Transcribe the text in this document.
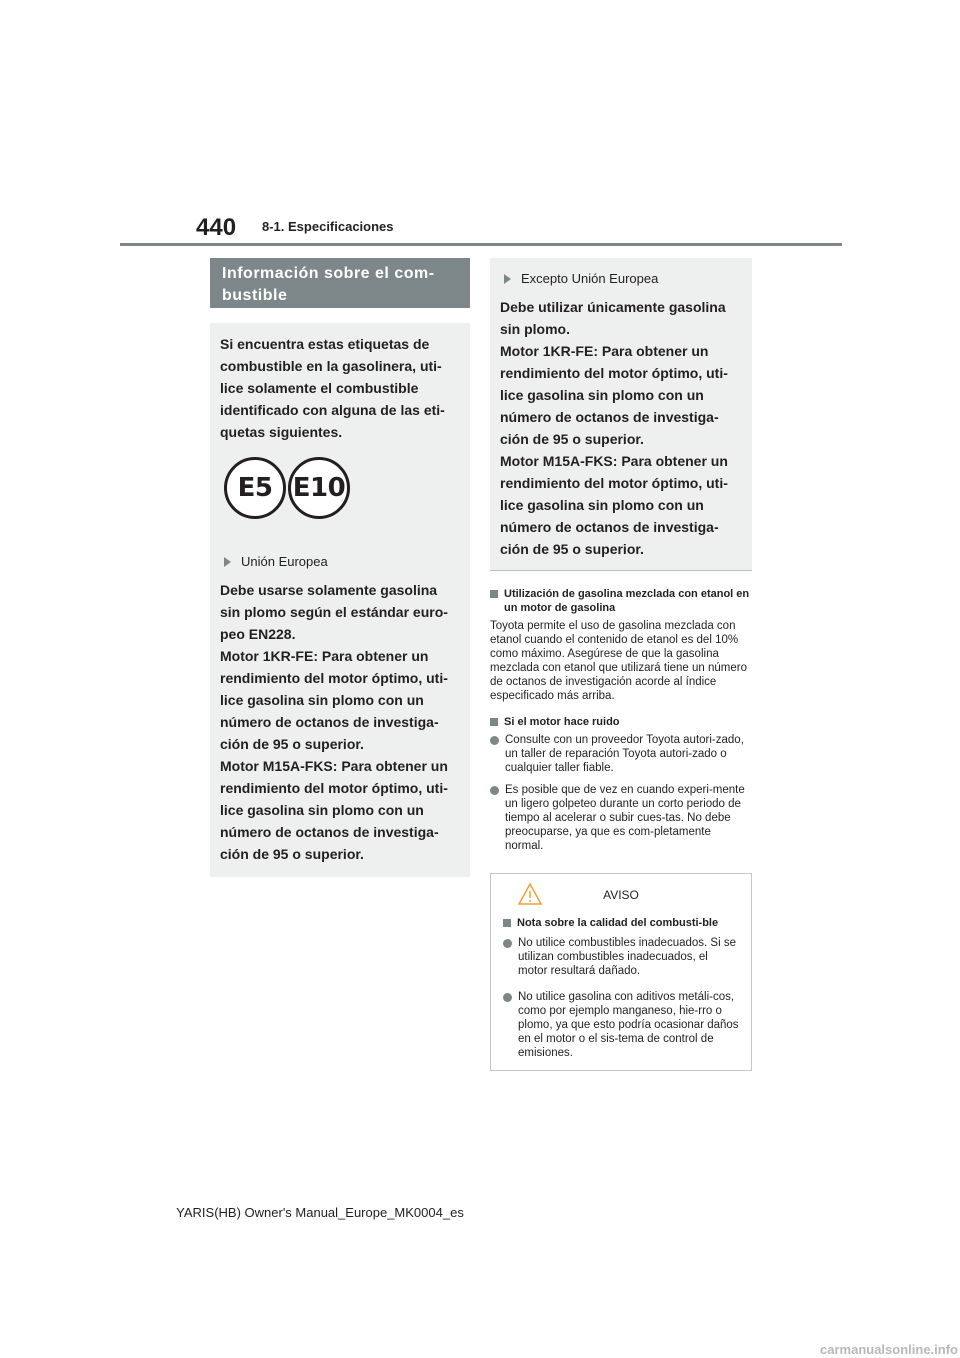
440 8-1. Especificaciones
Información sobre el com-bustible

Si encuentra estas etiquetas de combustible en la gasolinera, uti-lice solamente el combustible identificado con alguna de las eti-quetas siguientes.

E5 E10
Unión Europea

Debe usarse solamente gasolina sin plomo según el estándar euro-peo EN228.

Motor 1KR-FE: Para obtener un rendimiento del motor óptimo, uti-lice gasolina sin plomo con un número de octanos de investiga-ción de 95 o superior.

Motor M15A-FKS: Para obtener un rendimiento del motor óptimo, uti-lice gasolina sin plomo con un número de octanos de investiga-ción de 95 o superior.

Excepto Unión Europea

Debe utilizar únicamente gasolina sin plomo.

Motor 1KR-FE: Para obtener un rendimiento del motor óptimo, uti-lice gasolina sin plomo con un número de octanos de investiga-ción de 95 o superior.

Motor M15A-FKS: Para obtener un rendimiento del motor óptimo, uti-lice gasolina sin plomo con un número de octanos de investiga-ción de 95 o superior.

Utilización de gasolina mezclada con etanol en un motor de gasolina

Toyota permite el uso de gasolina mezclada con etanol cuando el contenido de etanol es del 10% como máximo. Asegúrese de que la gasolina mezclada con etanol que utilizará tiene un número de octanos de investigación acorde al índice especificado más arriba.

Si el motor hace ruido
Consulte con un proveedor Toyota autori-zado, un taller de reparación Toyota autori-zado o cualquier taller fiable.
Es posible que de vez en cuando experi-mente un ligero golpeteo durante un corto periodo de tiempo al acelerar o subir cues-tas. No debe preocuparse, ya que es com-pletamente normal.
AVISO
Nota sobre la calidad del combusti-ble
No utilice combustibles inadecuados. Si se utilizan combustibles inadecuados, el motor resultará dañado.
No utilice gasolina con aditivos metáli-cos, como por ejemplo manganeso, hie-rro o plomo, ya que esto podría ocasionar daños en el motor o el sis-tema de control de emisiones.
YARIS(HB) Owner's Manual_Europe_MK0004_es
carmanualsonline.info
